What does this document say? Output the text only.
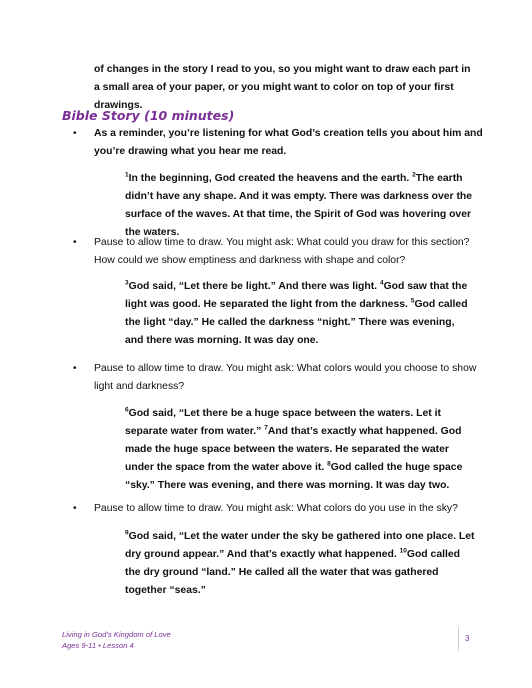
of changes in the story I read to you, so you might want to draw each part in a small area of your paper, or you might want to color on top of your first drawings.
Bible Story (10 minutes)
• As a reminder, you’re listening for what God’s creation tells you about him and you’re drawing what you hear me read.
$^1$In the beginning, God created the heavens and the earth. $^2$The earth didn’t have any shape. And it was empty. There was darkness over the surface of the waves. At that time, the Spirit of God was hovering over the waters.
• Pause to allow time to draw. You might ask: What could you draw for this section? How could we show emptiness and darkness with shape and color?
$^3$God said, “Let there be light.” And there was light. $^4$God saw that the light was good. He separated the light from the darkness. $^5$God called the light “day.” He called the darkness “night.” There was evening, and there was morning. It was day one.
• Pause to allow time to draw. You might ask: What colors would you choose to show light and darkness?
$^6$God said, “Let there be a huge space between the waters. Let it separate water from water.” $^7$And that’s exactly what happened. God made the huge space between the waters. He separated the water under the space from the water above it. $^8$God called the huge space “sky.” There was evening, and there was morning. It was day two.
• Pause to allow time to draw. You might ask: What colors do you use in the sky?
$^9$God said, “Let the water under the sky be gathered into one place. Let dry ground appear.” And that’s exactly what happened. $^{10}$God called the dry ground “land.” He called all the water that was gathered together “seas.”
Living in God’s Kingdom of Love
Ages 9-11 • Lesson 4
3
